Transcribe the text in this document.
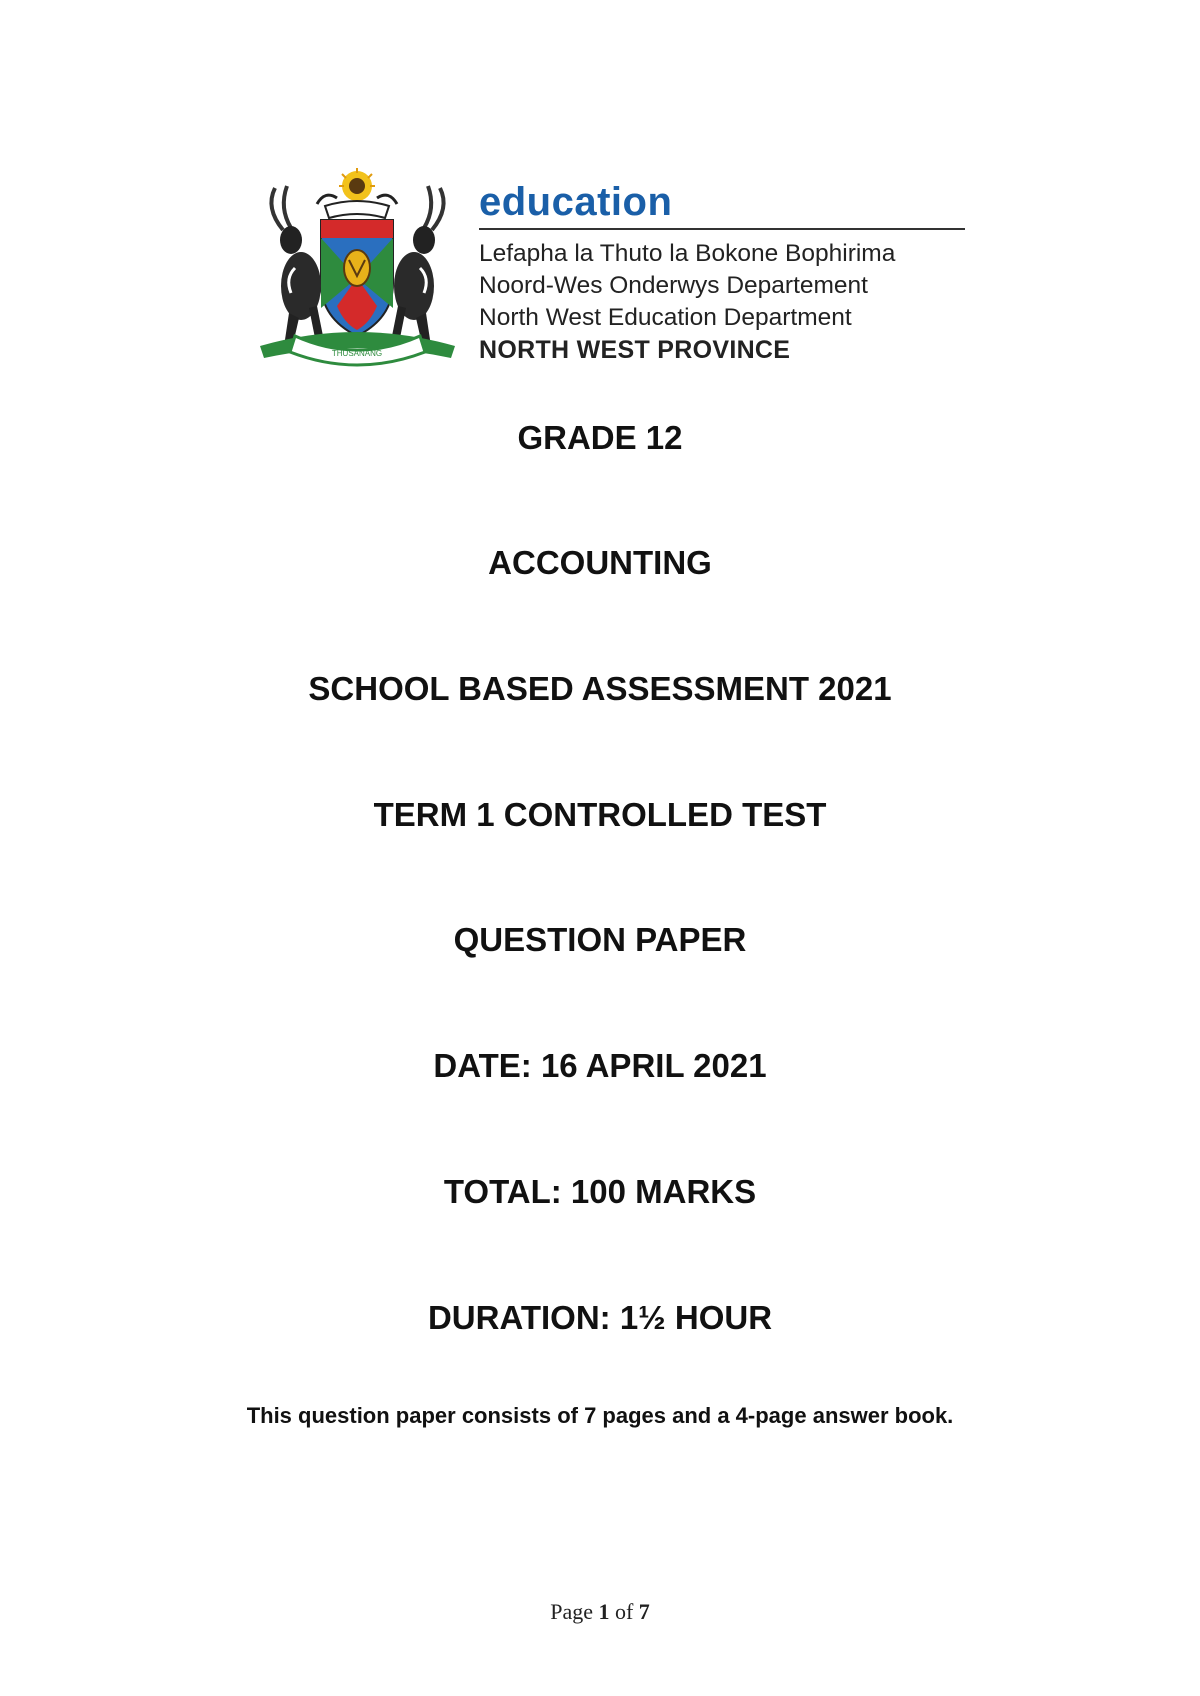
THUSANANG

education

Lefapha la Thuto la Bokone Bophirima

Noord-Wes Onderwys Departement

North West Education Department

NORTH WEST PROVINCE

GRADE 12

ACCOUNTING

SCHOOL BASED ASSESSMENT 2021

TERM 1 CONTROLLED TEST

QUESTION PAPER

DATE: 16 APRIL 2021

TOTAL: 100 MARKS

DURATION: 1½ HOUR

This question paper consists of 7 pages and a 4-page answer book.

Page 1 of 7
